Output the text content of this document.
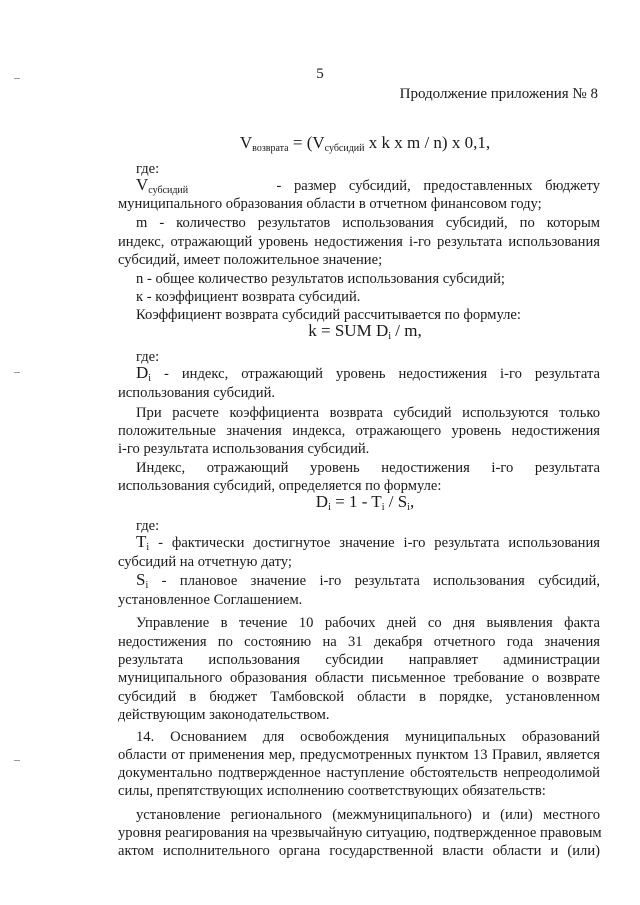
5
Продолжение приложения № 8
$V_{возврата} = (V_{субсидий}$ x k x m / n) x 0,1,
где:
$V_{субсидий}$	- размер субсидий, предоставленных бюджету
муниципального образования области в отчетном финансовом году;
m - количество результатов использования субсидий, по которым
индекс, отражающий уровень недостижения i-го результата использования
субсидий, имеет положительное значение;
n - общее количество результатов использования субсидий;
к - коэффициент возврата субсидий.
Коэффициент возврата субсидий рассчитывается по формуле:
k = SUM $D_i$ / m,
где:
$D_i$ - индекс, отражающий уровень недостижения i-го результата
использования субсидий.
При расчете коэффициента возврата субсидий используются только
положительные значения индекса, отражающего уровень недостижения
i-го результата использования субсидий.
Индекс, отражающий уровень недостижения i-го результата
использования субсидий, определяется по формуле:
$D_i = 1 - T_i / S_i$,
где:
$T_i$ - фактически достигнутое значение i-го результата использования
субсидий на отчетную дату;
$S_i$ - плановое значение i-го результата использования субсидий,
установленное Соглашением.
Управление в течение 10 рабочих дней со дня выявления факта
недостижения по состоянию на 31 декабря отчетного года значения
результата использования субсидии направляет администрации
муниципального образования области письменное требование о возврате
субсидий в бюджет Тамбовской области в порядке, установленном
действующим законодательством.
14. Основанием для освобождения муниципальных образований
области от применения мер, предусмотренных пунктом 13 Правил, является
документально подтвержденное наступление обстоятельств непреодолимой
силы, препятствующих исполнению соответствующих обязательств:
установление регионального (межмуниципального) и (или) местного
уровня реагирования на чрезвычайную ситуацию, подтвержденное правовым
актом исполнительного органа государственной власти области и (или)
